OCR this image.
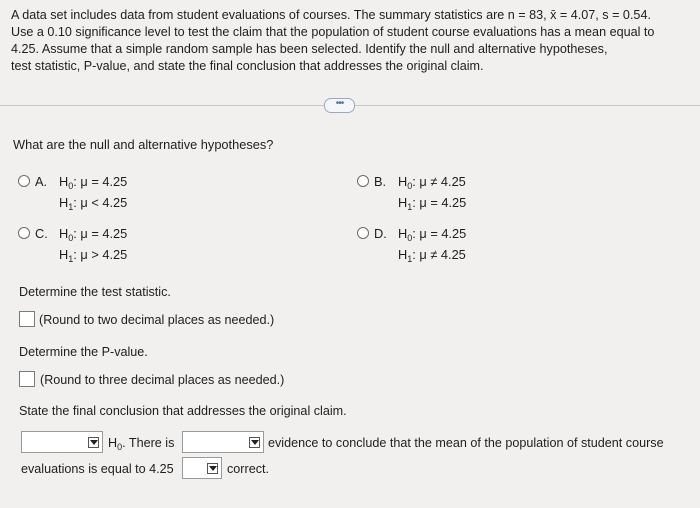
A data set includes data from student evaluations of courses. The summary statistics are n = 83, x̄ = 4.07, s = 0.54.
Use a 0.10 significance level to test the claim that the population of student course evaluations has a mean equal to
4.25. Assume that a simple random sample has been selected. Identify the null and alternative hypotheses,
test statistic, P-value, and state the final conclusion that addresses the original claim.
•••
What are the null and alternative hypotheses?
A. $H_0$: μ = 4.25
$H_1$: μ < 4.25
B. $H_0$: μ ≠ 4.25
$H_1$: μ = 4.25
C. $H_0$: μ = 4.25
$H_1$: μ > 4.25
D. $H_0$: μ = 4.25
$H_1$: μ ≠ 4.25
Determine the test statistic.
(Round to two decimal places as needed.)
Determine the P-value.
(Round to three decimal places as needed.)
State the final conclusion that addresses the original claim.
$H_0$. There is	evidence to conclude that the mean of the population of student course
evaluations is equal to 4.25	correct.
